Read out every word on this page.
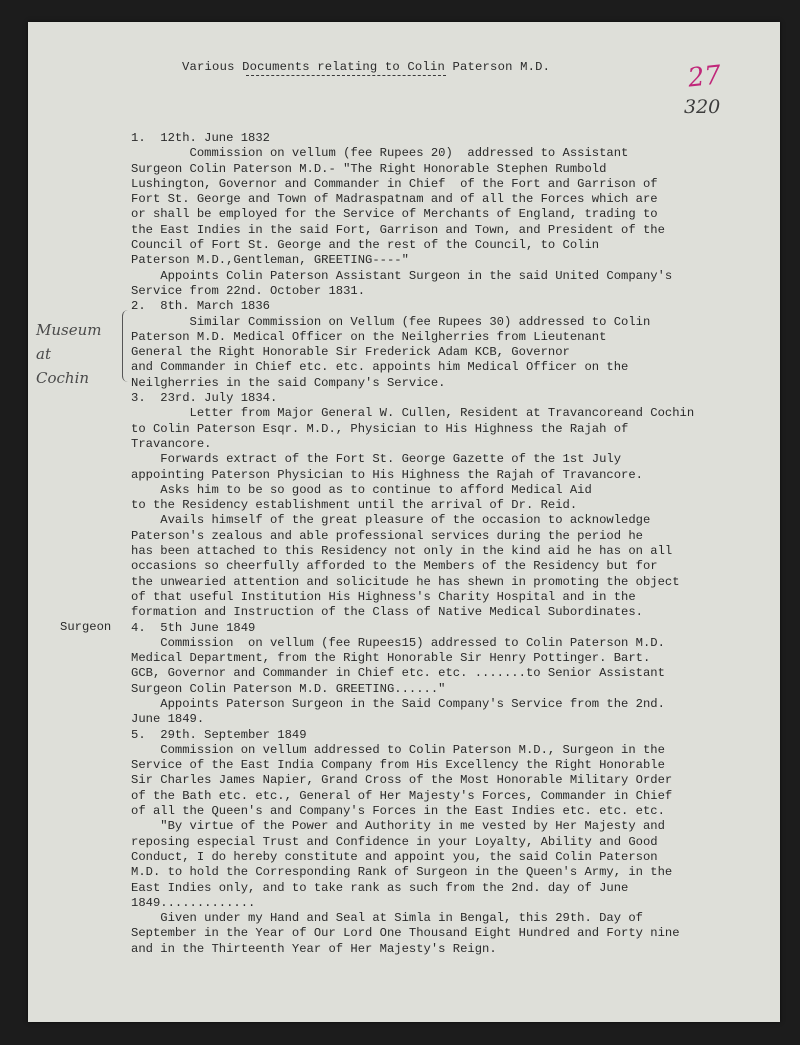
Various Documents relating to Colin Paterson M.D.	27
320
1.  12th. June 1832
Commission on vellum (fee Rupees 20)  addressed to Assistant
Surgeon Colin Paterson M.D.- "The Right Honorable Stephen Rumbold
Lushington, Governor and Commander in Chief  of the Fort and Garrison of
Fort St. George and Town of Madraspatnam and of all the Forces which are
or shall be employed for the Service of Merchants of England, trading to
the East Indies in the said Fort, Garrison and Town, and President of the
Council of Fort St. George and the rest of the Council, to Colin
Paterson M.D.,Gentleman, GREETING----"
Appoints Colin Paterson Assistant Surgeon in the said United Company's
Service from 22nd. October 1831.
2.  8th. March 1836
Similar Commission on Vellum (fee Rupees 30) addressed to Colin
Paterson M.D. Medical Officer on the Neilgherries from Lieutenant
General the Right Honorable Sir Frederick Adam KCB, Governor
and Commander in Chief etc. etc. appoints him Medical Officer on the
Neilgherries in the said Company's Service.
3.  23rd. July 1834.
Letter from Major General W. Cullen, Resident at Travancoreand Cochin
to Colin Paterson Esqr. M.D., Physician to His Highness the Rajah of
Travancore.
Forwards extract of the Fort St. George Gazette of the 1st July
appointing Paterson Physician to His Highness the Rajah of Travancore.
Asks him to be so good as to continue to afford Medical Aid
to the Residency establishment until the arrival of Dr. Reid.
Avails himself of the great pleasure of the occasion to acknowledge
Paterson's zealous and able professional services during the period he
has been attached to this Residency not only in the kind aid he has on all
occasions so cheerfully afforded to the Members of the Residency but for
the unwearied attention and solicitude he has shewn in promoting the object
of that useful Institution His Highness's Charity Hospital and in the
formation and Instruction of the Class of Native Medical Subordinates.
4.  5th June 1849
Commission  on vellum (fee Rupees15) addressed to Colin Paterson M.D.
Medical Department, from the Right Honorable Sir Henry Pottinger. Bart.
GCB, Governor and Commander in Chief etc. etc. .......to Senior Assistant
Surgeon Colin Paterson M.D. GREETING......"
Appoints Paterson Surgeon in the Said Company's Service from the 2nd.
June 1849.
5.  29th. September 1849
Commission on vellum addressed to Colin Paterson M.D., Surgeon in the
Service of the East India Company from His Excellency the Right Honorable
Sir Charles James Napier, Grand Cross of the Most Honorable Military Order
of the Bath etc. etc., General of Her Majesty's Forces, Commander in Chief
of all the Queen's and Company's Forces in the East Indies etc. etc. etc.
"By virtue of the Power and Authority in me vested by Her Majesty and
reposing especial Trust and Confidence in your Loyalty, Ability and Good
Conduct, I do hereby constitute and appoint you, the said Colin Paterson
M.D. to hold the Corresponding Rank of Surgeon in the Queen's Army, in the
East Indies only, and to take rank as such from the 2nd. day of June
1849.............
Given under my Hand and Seal at Simla in Bengal, this 29th. Day of
September in the Year of Our Lord One Thousand Eight Hundred and Forty nine
and in the Thirteenth Year of Her Majesty's Reign.
Museum
at
Cochin
Surgeon
